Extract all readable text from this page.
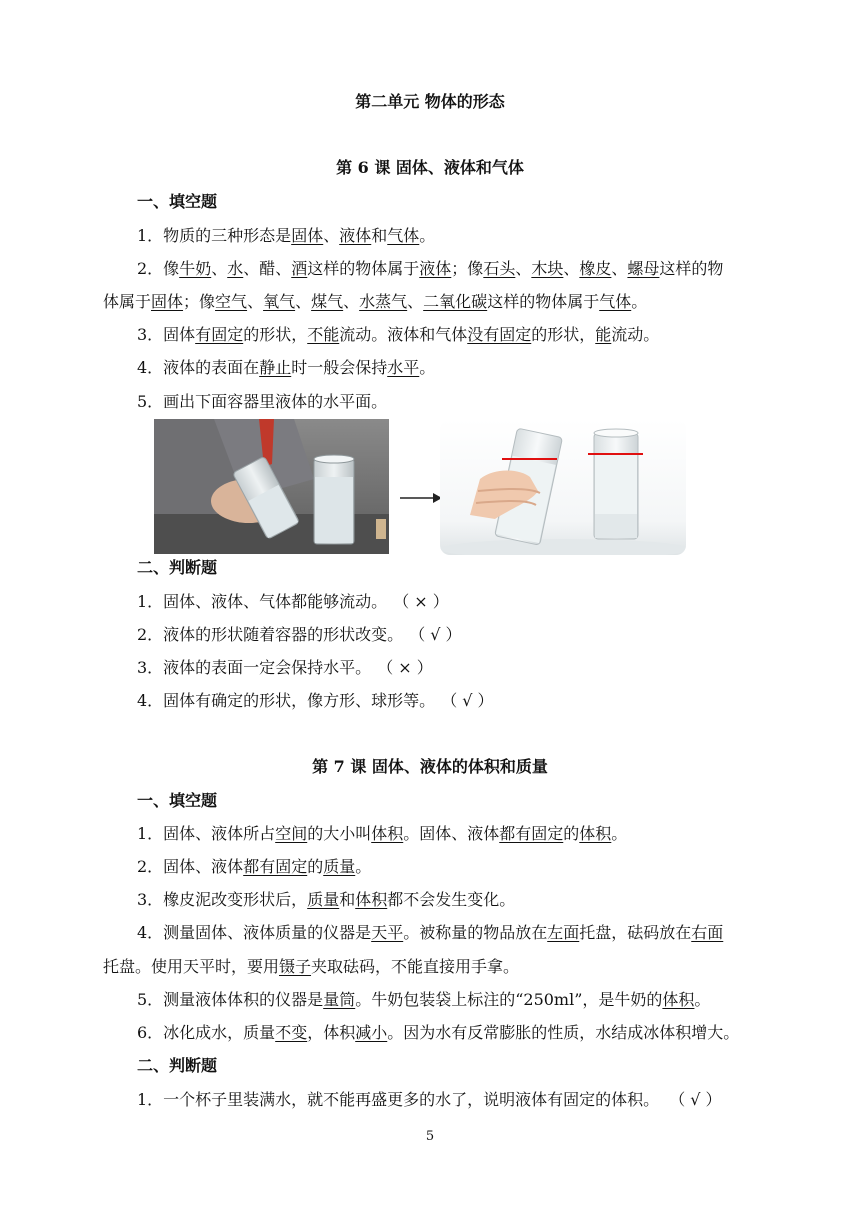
第二单元 物体的形态
第 6 课 固体、液体和气体
一、填空题
1．物质的三种形态是固体、液体和气体。
2．像牛奶、水、醋、酒这样的物体属于液体；像石头、木块、橡皮、螺母这样的物
体属于固体；像空气、氧气、煤气、水蒸气、二氧化碳这样的物体属于气体。
3．固体有固定的形状，不能流动。液体和气体没有固定的形状，能流动。
4．液体的表面在静止时一般会保持水平。
5．画出下面容器里液体的水平面。
二、判断题
1．固体、液体、气体都能够流动。 （ × ）
2．液体的形状随着容器的形状改变。 （ √ ）
3．液体的表面一定会保持水平。 （ × ）
4．固体有确定的形状，像方形、球形等。 （ √ ）
第 7 课 固体、液体的体积和质量
一、填空题
1．固体、液体所占空间的大小叫体积。固体、液体都有固定的体积。
2．固体、液体都有固定的质量。
3．橡皮泥改变形状后，质量和体积都不会发生变化。
4．测量固体、液体质量的仪器是天平。被称量的物品放在左面托盘，砝码放在右面
托盘。使用天平时，要用镊子夹取砝码，不能直接用手拿。
5．测量液体体积的仪器是量筒。牛奶包装袋上标注的“250ml”，是牛奶的体积。
6．冰化成水，质量不变，体积减小。因为水有反常膨胀的性质，水结成冰体积增大。
二、判断题
1．一个杯子里装满水，就不能再盛更多的水了，说明液体有固定的体积。 （ √ ）
5
